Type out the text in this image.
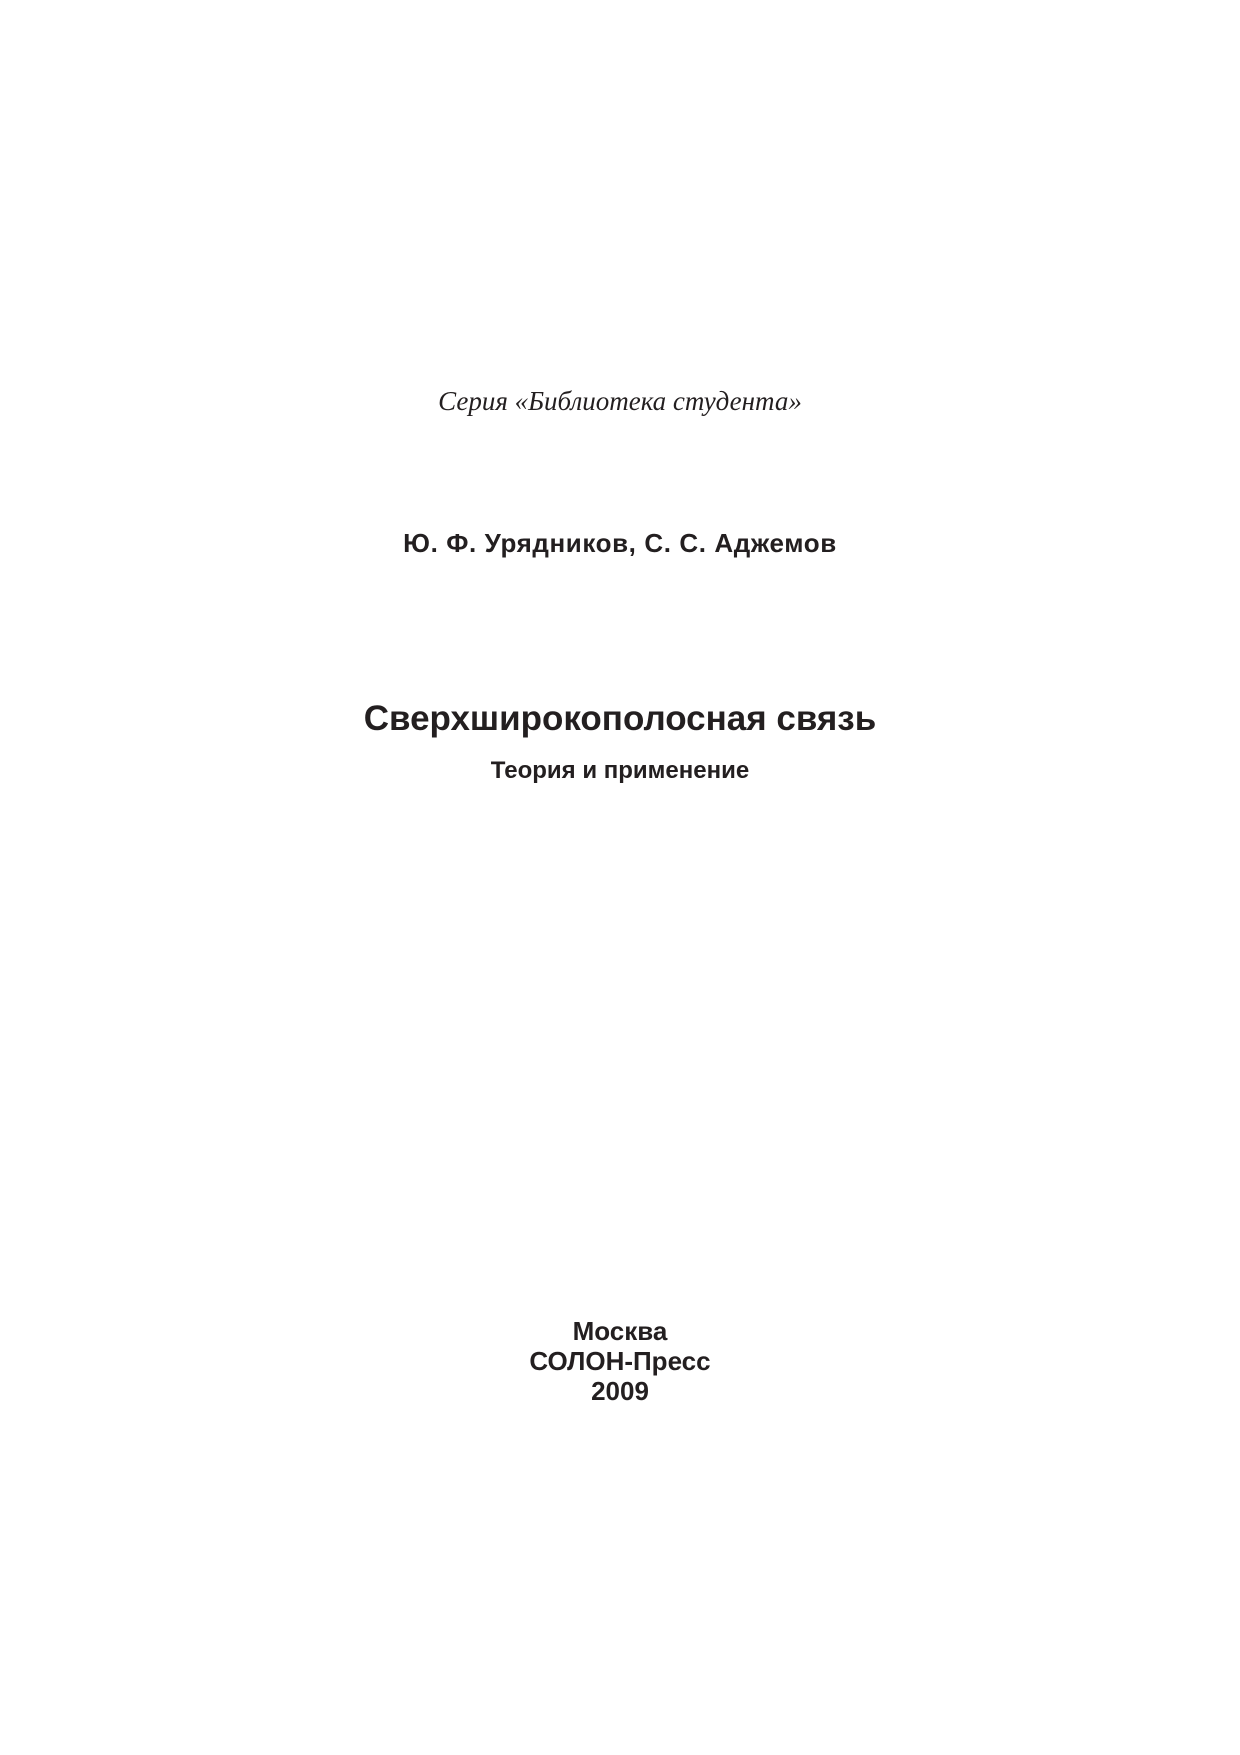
Серия «Библиотека студента»
Ю. Ф. Урядников, С. С. Аджемов
Сверхширокополосная связь
Теория и применение
Москва
СОЛОН-Пресс
2009
